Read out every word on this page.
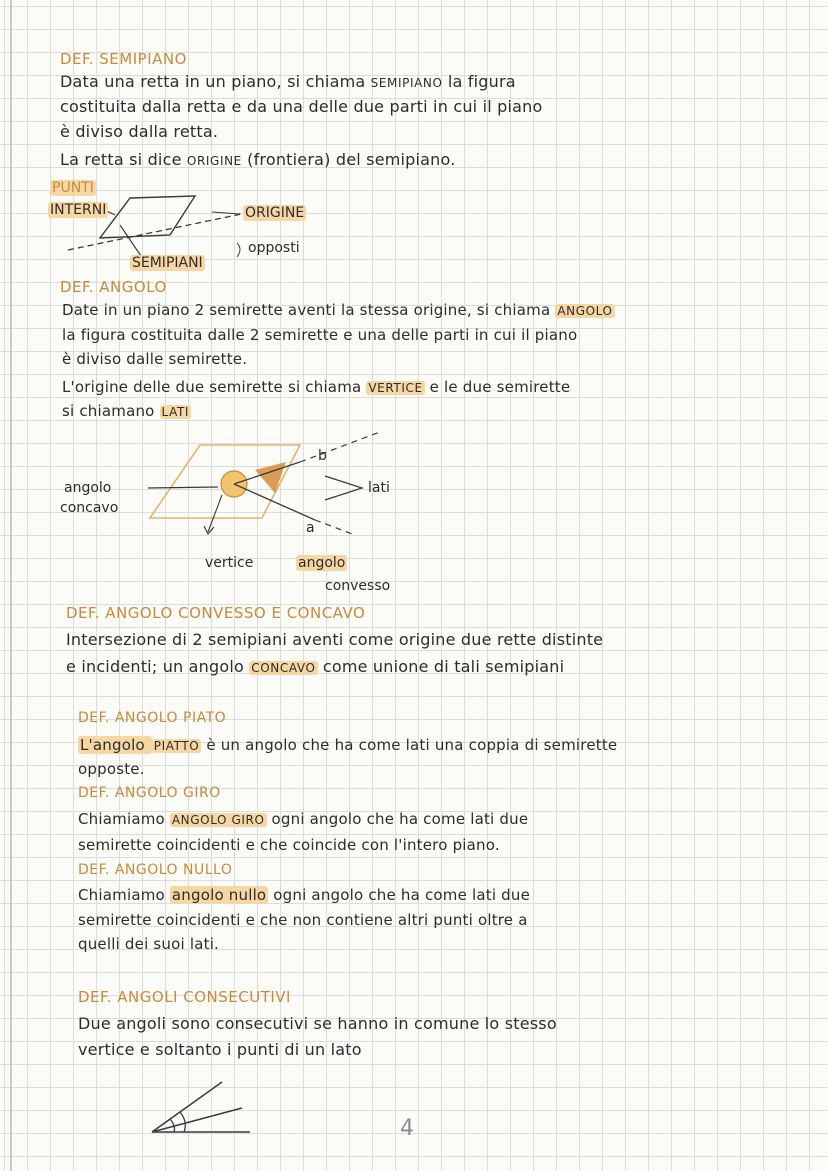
DEF. SEMIPIANO
Data una retta in un piano, si chiama SEMIPIANO la figura
costituita dalla retta e da una delle due parti in cui il piano
è diviso dalla retta.
La retta si dice ORIGINE (frontiera) del semipiano.
PUNTI
INTERNI	ORIGINE
SEMIPIANI
opposti
DEF. ANGOLO
Date in un piano 2 semirette aventi la stessa origine, si chiama ANGOLO
la figura costituita dalle 2 semirette e una delle parti in cui il piano
è diviso dalle semirette.
L'origine delle due semirette si chiama VERTICE e le due semirette
si chiamano LATI
b
a
lati
angolo
concavo
vertice	angolo
convesso
DEF. ANGOLO CONVESSO E CONCAVO
Intersezione di 2 semipiani aventi come origine due rette distinte
e incidenti; un angolo CONCAVO come unione di tali semipiani
DEF. ANGOLO PIATO
L'angolo PIATTO è un angolo che ha come lati una coppia di semirette
opposte.
DEF. ANGOLO GIRO
Chiamiamo ANGOLO GIRO ogni angolo che ha come lati due
semirette coincidenti e che coincide con l'intero piano.
DEF. ANGOLO NULLO
Chiamiamo angolo nullo ogni angolo che ha come lati due
semirette coincidenti e che non contiene altri punti oltre a
quelli dei suoi lati.
DEF. ANGOLI CONSECUTIVI
Due angoli sono consecutivi se hanno in comune lo stesso
vertice e soltanto i punti di un lato
4
